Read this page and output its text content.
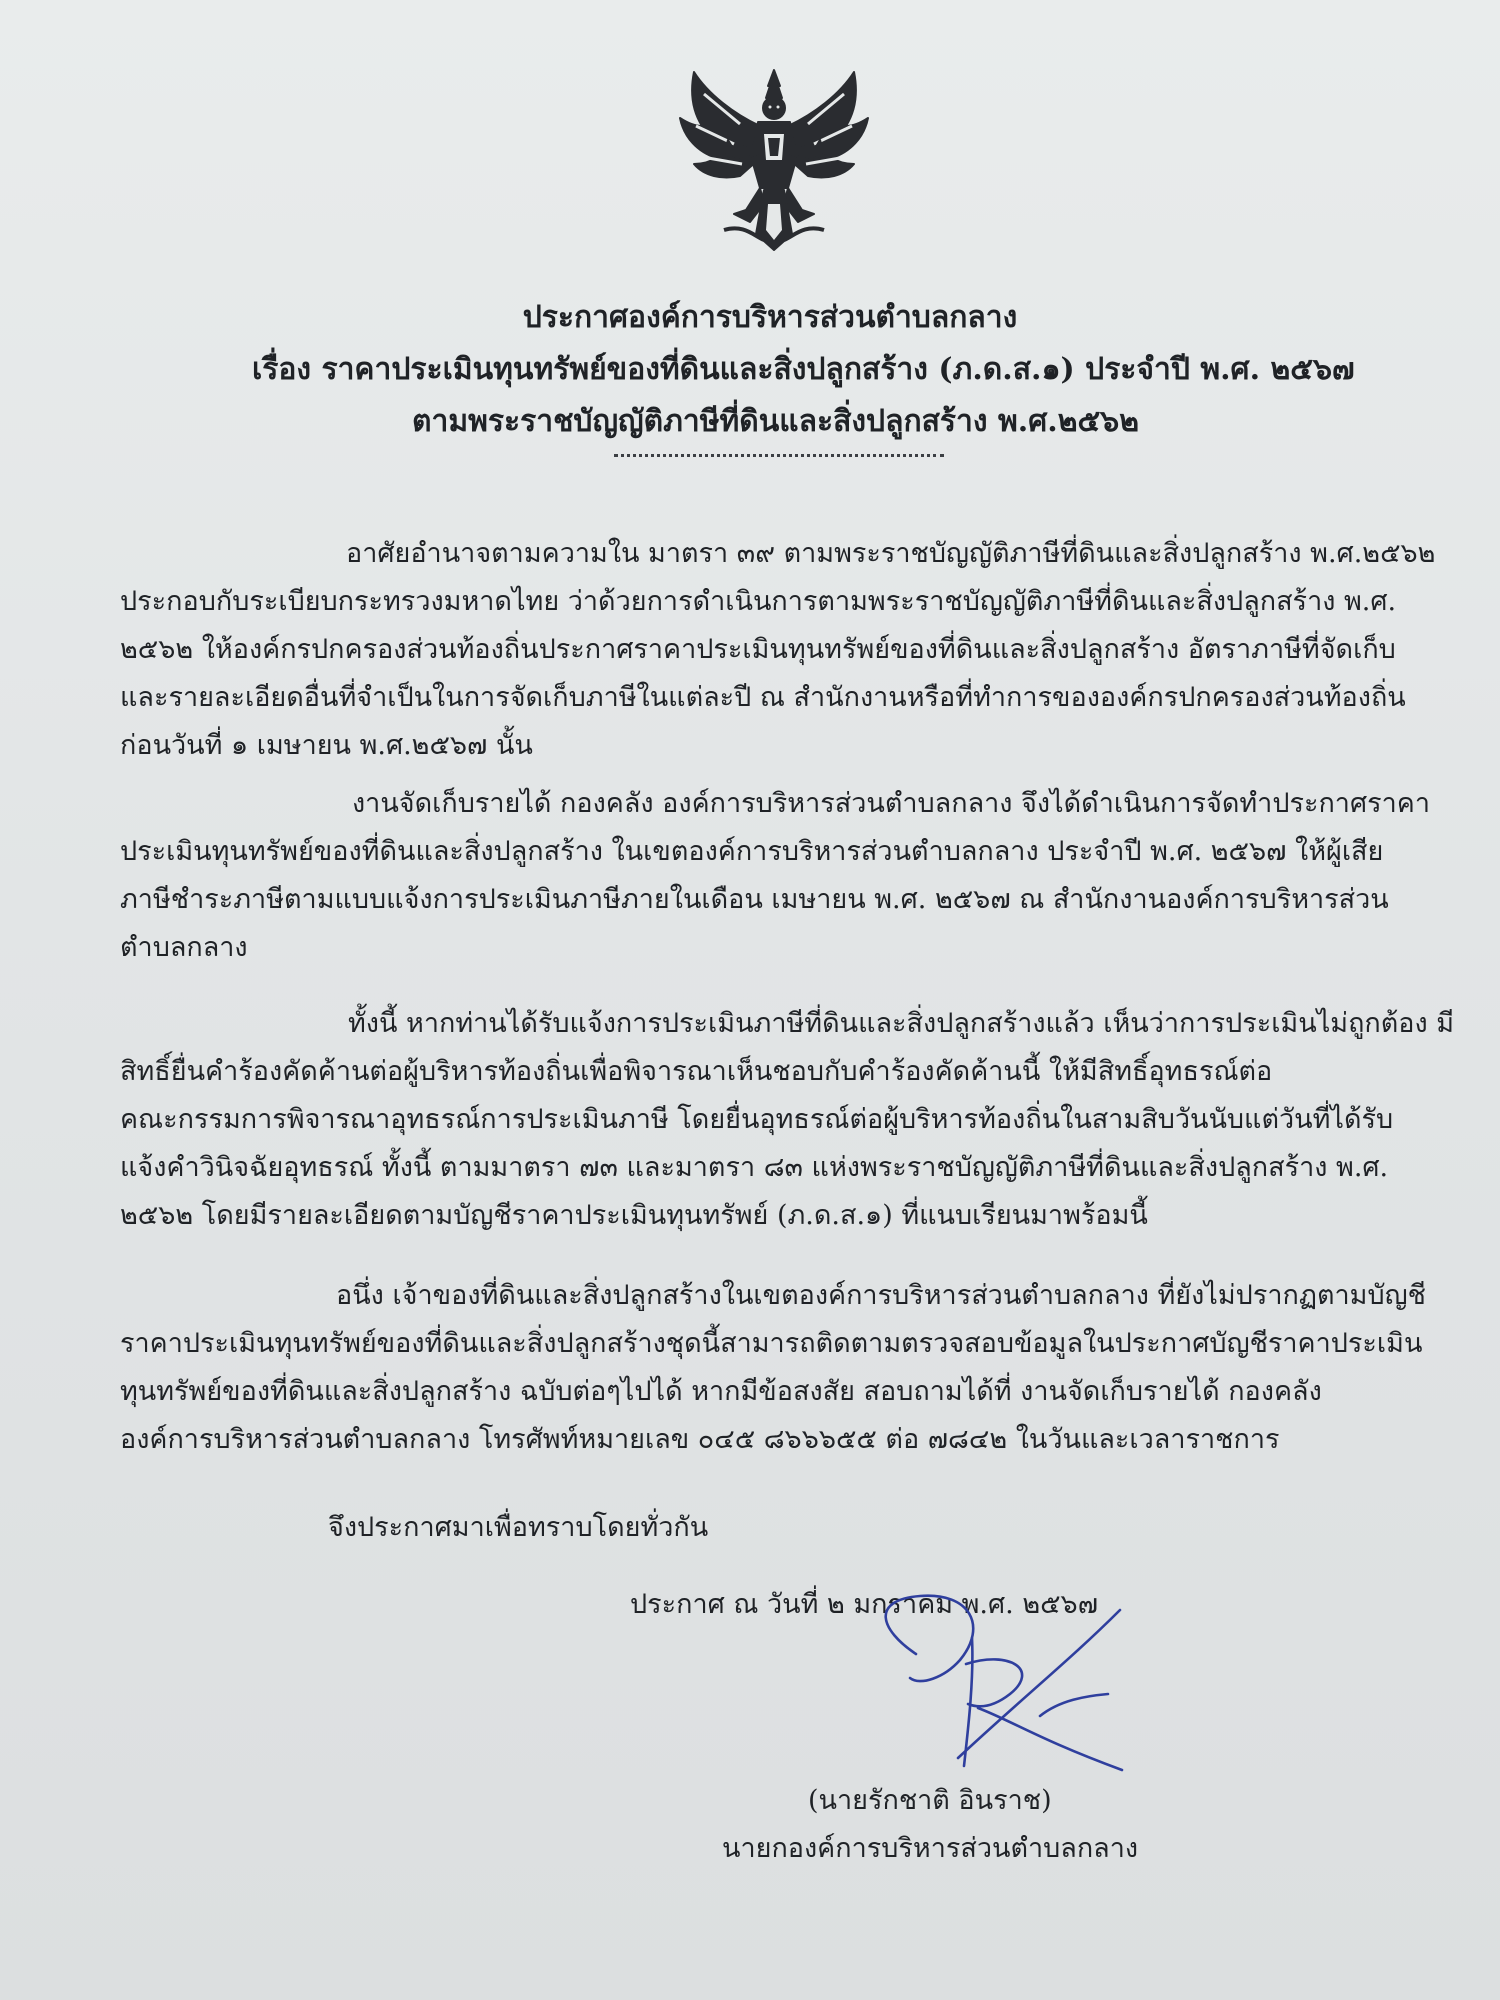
ประกาศองค์การบริหารส่วนตำบลกลาง
เรื่อง ราคาประเมินทุนทรัพย์ของที่ดินและสิ่งปลูกสร้าง (ภ.ด.ส.๑) ประจำปี พ.ศ. ๒๕๖๗
ตามพระราชบัญญัติภาษีที่ดินและสิ่งปลูกสร้าง พ.ศ.๒๕๖๒
อาศัยอำนาจตามความใน มาตรา ๓๙ ตามพระราชบัญญัติภาษีที่ดินและสิ่งปลูกสร้าง พ.ศ.๒๕๖๒
ประกอบกับระเบียบกระทรวงมหาดไทย ว่าด้วยการดำเนินการตามพระราชบัญญัติภาษีที่ดินและสิ่งปลูกสร้าง พ.ศ.
๒๕๖๒ ให้องค์กรปกครองส่วนท้องถิ่นประกาศราคาประเมินทุนทรัพย์ของที่ดินและสิ่งปลูกสร้าง อัตราภาษีที่จัดเก็บ
และรายละเอียดอื่นที่จำเป็นในการจัดเก็บภาษีในแต่ละปี ณ สำนักงานหรือที่ทำการขององค์กรปกครองส่วนท้องถิ่น
ก่อนวันที่ ๑ เมษายน พ.ศ.๒๕๖๗ นั้น
งานจัดเก็บรายได้ กองคลัง องค์การบริหารส่วนตำบลกลาง จึงได้ดำเนินการจัดทำประกาศราคา
ประเมินทุนทรัพย์ของที่ดินและสิ่งปลูกสร้าง ในเขตองค์การบริหารส่วนตำบลกลาง ประจำปี พ.ศ. ๒๕๖๗ ให้ผู้เสีย
ภาษีชำระภาษีตามแบบแจ้งการประเมินภาษีภายในเดือน เมษายน พ.ศ. ๒๕๖๗ ณ สำนักงานองค์การบริหารส่วน
ตำบลกลาง
ทั้งนี้ หากท่านได้รับแจ้งการประเมินภาษีที่ดินและสิ่งปลูกสร้างแล้ว เห็นว่าการประเมินไม่ถูกต้อง มี
สิทธิ์ยื่นคำร้องคัดค้านต่อผู้บริหารท้องถิ่นเพื่อพิจารณาเห็นชอบกับคำร้องคัดค้านนี้ ให้มีสิทธิ์อุทธรณ์ต่อ
คณะกรรมการพิจารณาอุทธรณ์การประเมินภาษี โดยยื่นอุทธรณ์ต่อผู้บริหารท้องถิ่นในสามสิบวันนับแต่วันที่ได้รับ
แจ้งคำวินิจฉัยอุทธรณ์ ทั้งนี้ ตามมาตรา ๗๓ และมาตรา ๘๓ แห่งพระราชบัญญัติภาษีที่ดินและสิ่งปลูกสร้าง พ.ศ.
๒๕๖๒ โดยมีรายละเอียดตามบัญชีราคาประเมินทุนทรัพย์ (ภ.ด.ส.๑) ที่แนบเรียนมาพร้อมนี้
อนึ่ง เจ้าของที่ดินและสิ่งปลูกสร้างในเขตองค์การบริหารส่วนตำบลกลาง ที่ยังไม่ปรากฏตามบัญชี
ราคาประเมินทุนทรัพย์ของที่ดินและสิ่งปลูกสร้างชุดนี้สามารถติดตามตรวจสอบข้อมูลในประกาศบัญชีราคาประเมิน
ทุนทรัพย์ของที่ดินและสิ่งปลูกสร้าง ฉบับต่อๆไปได้ หากมีข้อสงสัย สอบถามได้ที่ งานจัดเก็บรายได้ กองคลัง
องค์การบริหารส่วนตำบลกลาง โทรศัพท์หมายเลข ๐๔๕ ๘๖๖๖๕๕ ต่อ ๗๘๔๒ ในวันและเวลาราชการ
จึงประกาศมาเพื่อทราบโดยทั่วกัน
ประกาศ ณ วันที่ ๒ มกราคม พ.ศ. ๒๕๖๗
(นายรักชาติ อินราช)
นายกองค์การบริหารส่วนตำบลกลาง
